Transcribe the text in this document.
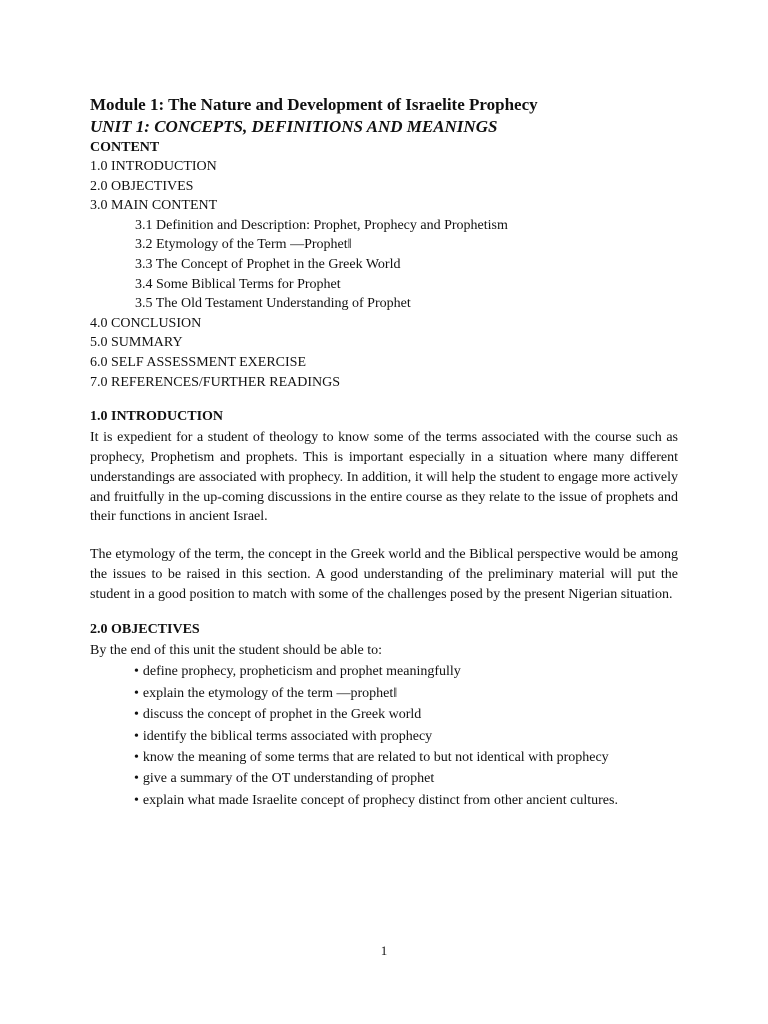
Module 1: The Nature and Development of Israelite Prophecy
UNIT 1: CONCEPTS, DEFINITIONS AND MEANINGS
CONTENT
1.0 INTRODUCTION
2.0 OBJECTIVES
3.0 MAIN CONTENT
3.1 Definition and Description: Prophet, Prophecy and Prophetism
3.2 Etymology of the Term —Prophet‖
3.3 The Concept of Prophet in the Greek World
3.4 Some Biblical Terms for Prophet
3.5 The Old Testament Understanding of Prophet
4.0 CONCLUSION
5.0 SUMMARY
6.0 SELF ASSESSMENT EXERCISE
7.0 REFERENCES/FURTHER READINGS
1.0 INTRODUCTION

It is expedient for a student of theology to know some of the terms associated with the course such as prophecy, Prophetism and prophets. This is important especially in a situation where many different understandings are associated with prophecy. In addition, it will help the student to engage more actively and fruitfully in the up-coming discussions in the entire course as they relate to the issue of prophets and their functions in ancient Israel.

The etymology of the term, the concept in the Greek world and the Biblical perspective would be among the issues to be raised in this section. A good understanding of the preliminary material will put the student in a good position to match with some of the challenges posed by the present Nigerian situation.

2.0 OBJECTIVES

By the end of this unit the student should be able to:

• define prophecy, propheticism and prophet meaningfully
• explain the etymology of the term —prophet‖
• discuss the concept of prophet in the Greek world
• identify the biblical terms associated with prophecy
• know the meaning of some terms that are related to but not identical with prophecy
• give a summary of the OT understanding of prophet
• explain what made Israelite concept of prophecy distinct from other ancient cultures.
1
